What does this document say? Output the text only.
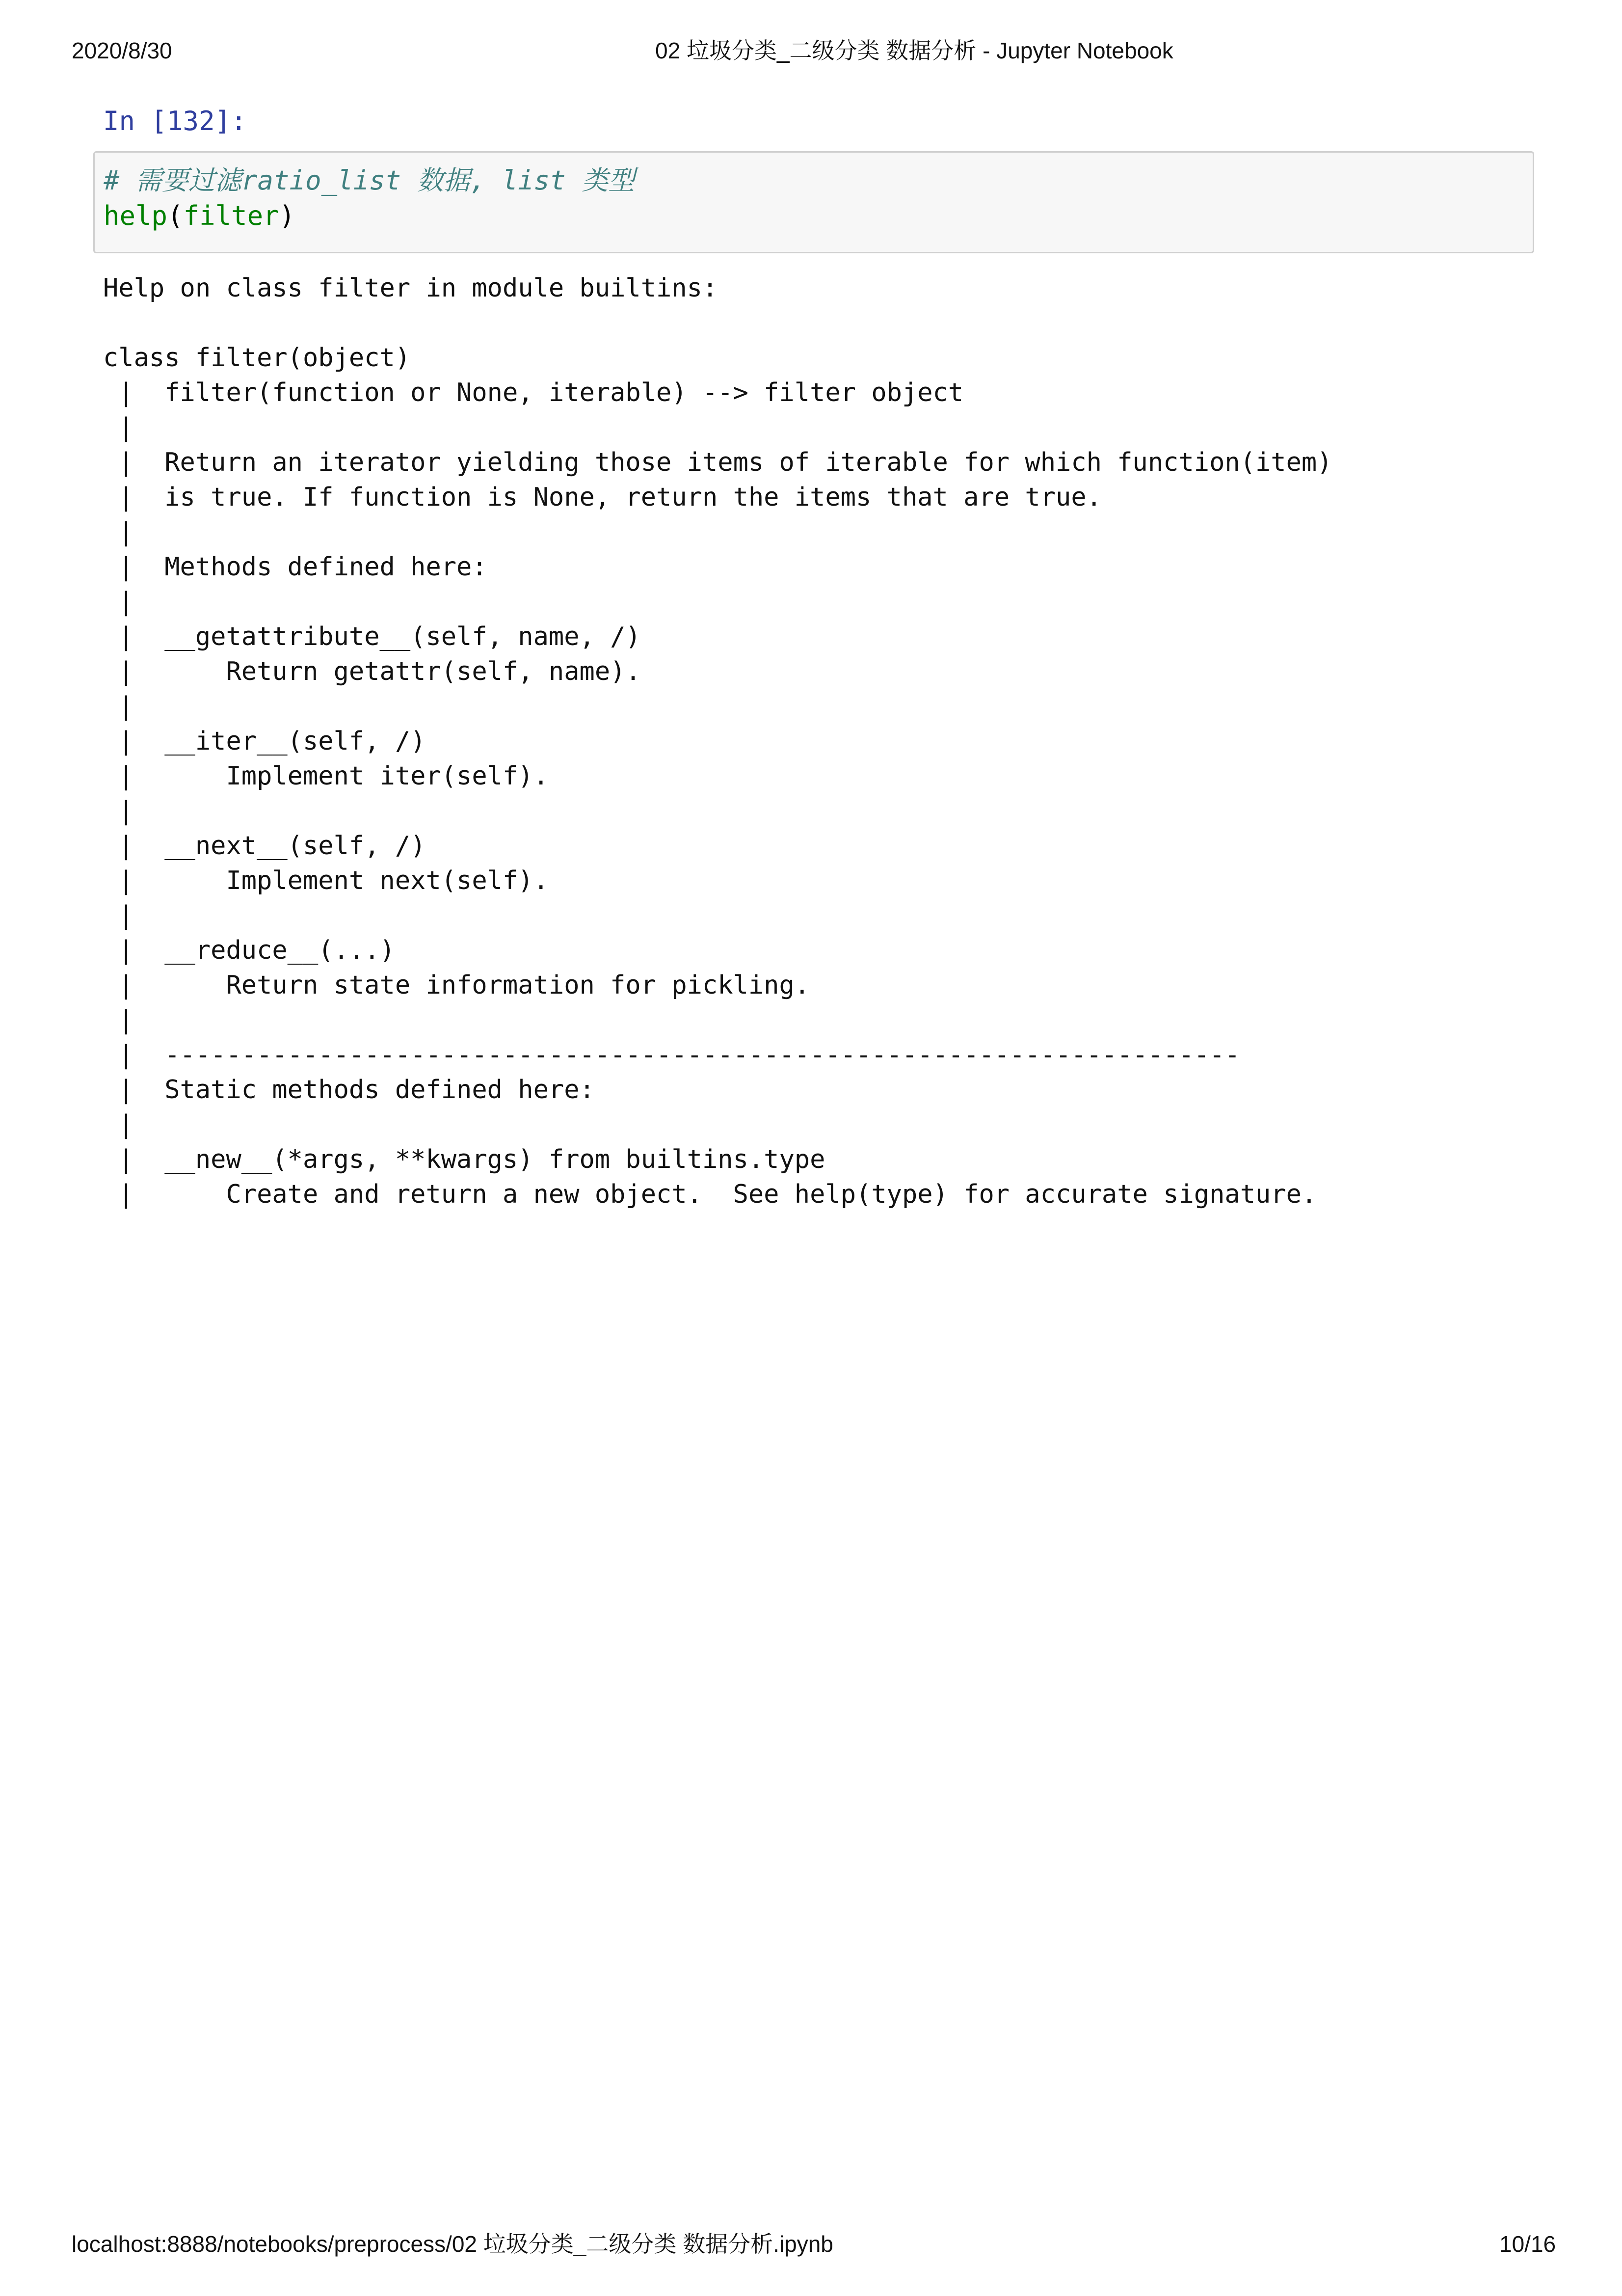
2020/8/30	02 垃圾分类_二级分类 数据分析 - Jupyter Notebook
In [132]:
# 需要过滤ratio_list 数据, list 类型
help(filter)
Help on class filter in module builtins:
class filter(object)
|  filter(function or None, iterable) --> filter object
|
|  Return an iterator yielding those items of iterable for which function(item)
|  is true. If function is None, return the items that are true.
|
|  Methods defined here:
|
|  __getattribute__(self, name, /)
|      Return getattr(self, name).
|
|  __iter__(self, /)
|      Implement iter(self).
|
|  __next__(self, /)
|      Implement next(self).
|
|  __reduce__(...)
|      Return state information for pickling.
|
|  ----------------------------------------------------------------------
|  Static methods defined here:
|
|  __new__(*args, **kwargs) from builtins.type
|      Create and return a new object.  See help(type) for accurate signature.
localhost:8888/notebooks/preprocess/02 垃圾分类_二级分类 数据分析.ipynb	10/16
